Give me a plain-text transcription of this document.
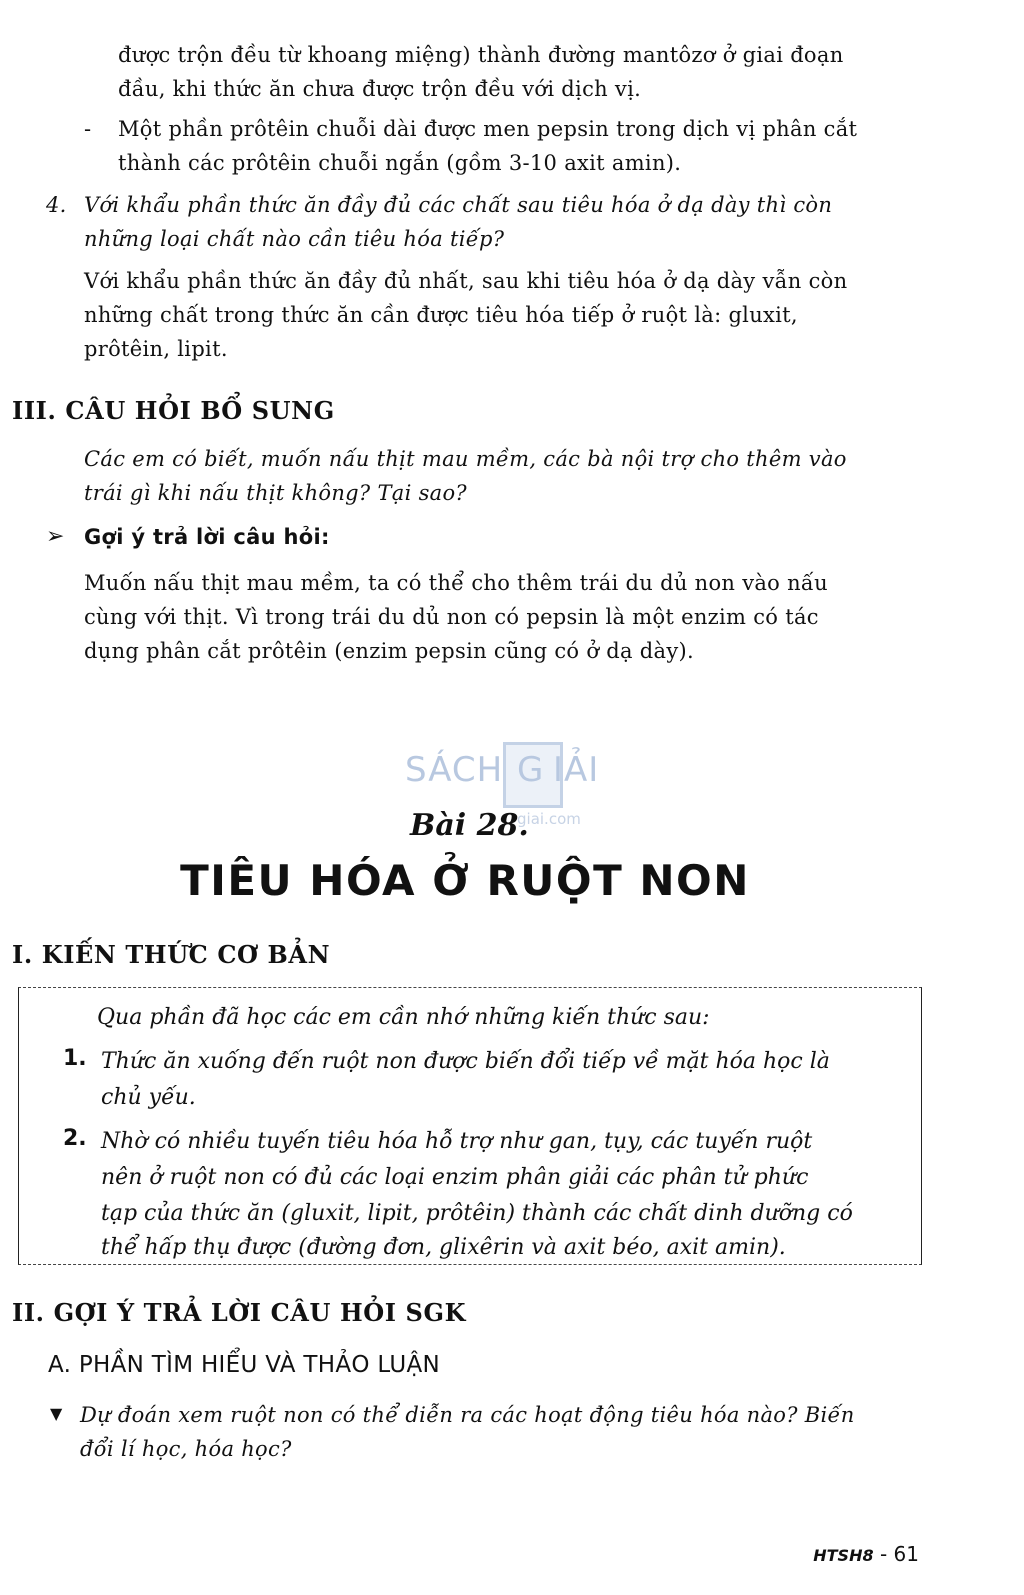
được trộn đều từ khoang miệng) thành đường mantôzơ ở giai đoạn
đầu, khi thức ăn chưa được trộn đều với dịch vị.
- Một phần prôtêin chuỗi dài được men pepsin trong dịch vị phân cắt
thành các prôtêin chuỗi ngắn (gồm 3-10 axit amin).
4. Với khẩu phần thức ăn đầy đủ các chất sau tiêu hóa ở dạ dày thì còn
những loại chất nào cần tiêu hóa tiếp?
Với khẩu phần thức ăn đầy đủ nhất, sau khi tiêu hóa ở dạ dày vẫn còn
những chất trong thức ăn cần được tiêu hóa tiếp ở ruột là: gluxit,
prôtêin, lipit.
III. CÂU HỎI BỔ SUNG
Các em có biết, muốn nấu thịt mau mềm, các bà nội trợ cho thêm vào
trái gì khi nấu thịt không? Tại sao?
➢ Gợi ý trả lời câu hỏi:
Muốn nấu thịt mau mềm, ta có thể cho thêm trái du dủ non vào nấu
cùng với thịt. Vì trong trái du dủ non có pepsin là một enzim có tác
dụng phân cắt prôtêin (enzim pepsin cũng có ở dạ dày).
SÁCH G IẢI
giai.com
Bài 28.
TIÊU HÓA Ở RUỘT NON
I. KIẾN THỨC CƠ BẢN
Qua phần đã học các em cần nhớ những kiến thức sau:
1. Thức ăn xuống đến ruột non được biến đổi tiếp về mặt hóa học là
chủ yếu.
2. Nhờ có nhiều tuyến tiêu hóa hỗ trợ như gan, tụy, các tuyến ruột
nên ở ruột non có đủ các loại enzim phân giải các phân tử phức
tạp của thức ăn (gluxit, lipit, prôtêin) thành các chất dinh dưỡng có
thể hấp thụ được (đường đơn, glixêrin và axit béo, axit amin).
II. GỢI Ý TRẢ LỜI CÂU HỎI SGK
A. PHẦN TÌM HIỂU VÀ THẢO LUẬN
▼ Dự đoán xem ruột non có thể diễn ra các hoạt động tiêu hóa nào? Biến
đổi lí học, hóa học?
HTSH8 - 61
